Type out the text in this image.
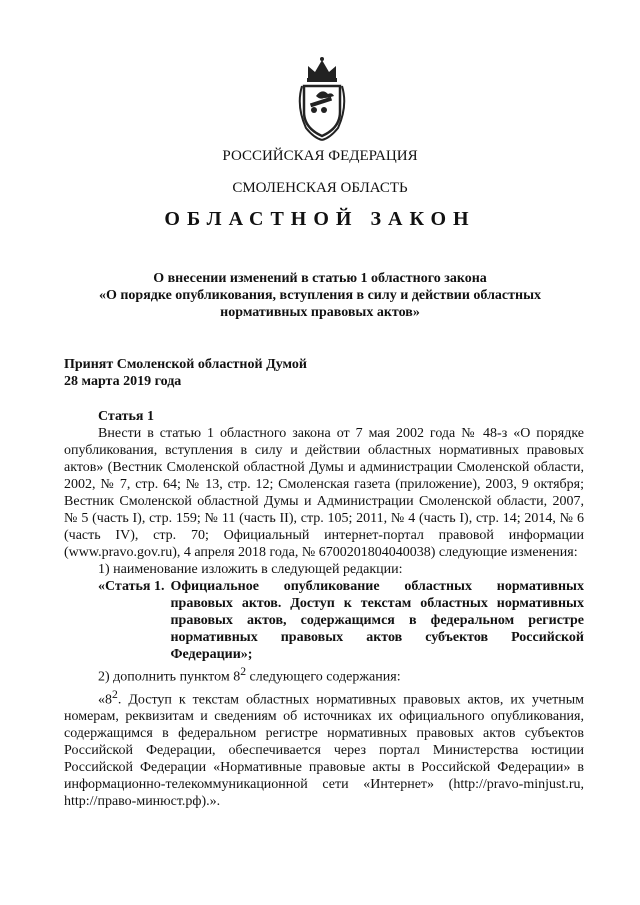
РОССИЙСКАЯ ФЕДЕРАЦИЯ
СМОЛЕНСКАЯ ОБЛАСТЬ
ОБЛАСТНОЙ ЗАКОН
О внесении изменений в статью 1 областного закона
«О порядке опубликования, вступления в силу и действии областных нормативных правовых актов»
Принят Смоленской областной Думой
28 марта 2019 года

Статья 1

Внести в статью 1 областного закона от 7 мая 2002 года № 48-з «О порядке опубликования, вступления в силу и действии областных нормативных правовых актов» (Вестник Смоленской областной Думы и администрации Смоленской области, 2002, № 7, стр. 64; № 13, стр. 12; Смоленская газета (приложение), 2003, 9 октября; Вестник Смоленской областной Думы и Администрации Смоленской области, 2007, № 5 (часть I), стр. 159; № 11 (часть II), стр. 105; 2011, № 4 (часть I), стр. 14; 2014, № 6 (часть IV), стр. 70; Официальный интернет-портал правовой информации (www.pravo.gov.ru), 4 апреля 2018 года, № 6700201804040038) следующие изменения:

1) наименование изложить в следующей редакции:

«Статья 1. Официальное опубликование областных нормативных правовых актов. Доступ к текстам областных нормативных правовых актов, содержащимся в федеральном регистре нормативных правовых актов субъектов Российской Федерации»;

2) дополнить пунктом $8^2$ следующего содержания:

«$8^2$. Доступ к текстам областных нормативных правовых актов, их учетным номерам, реквизитам и сведениям об источниках их официального опубликования, содержащимся в федеральном регистре нормативных правовых актов субъектов Российской Федерации, обеспечивается через портал Министерства юстиции Российской Федерации «Нормативные правовые акты в Российской Федерации» в информационно-телекоммуникационной сети «Интернет» (http://pravo-minjust.ru, http://право-минюст.рф).».
